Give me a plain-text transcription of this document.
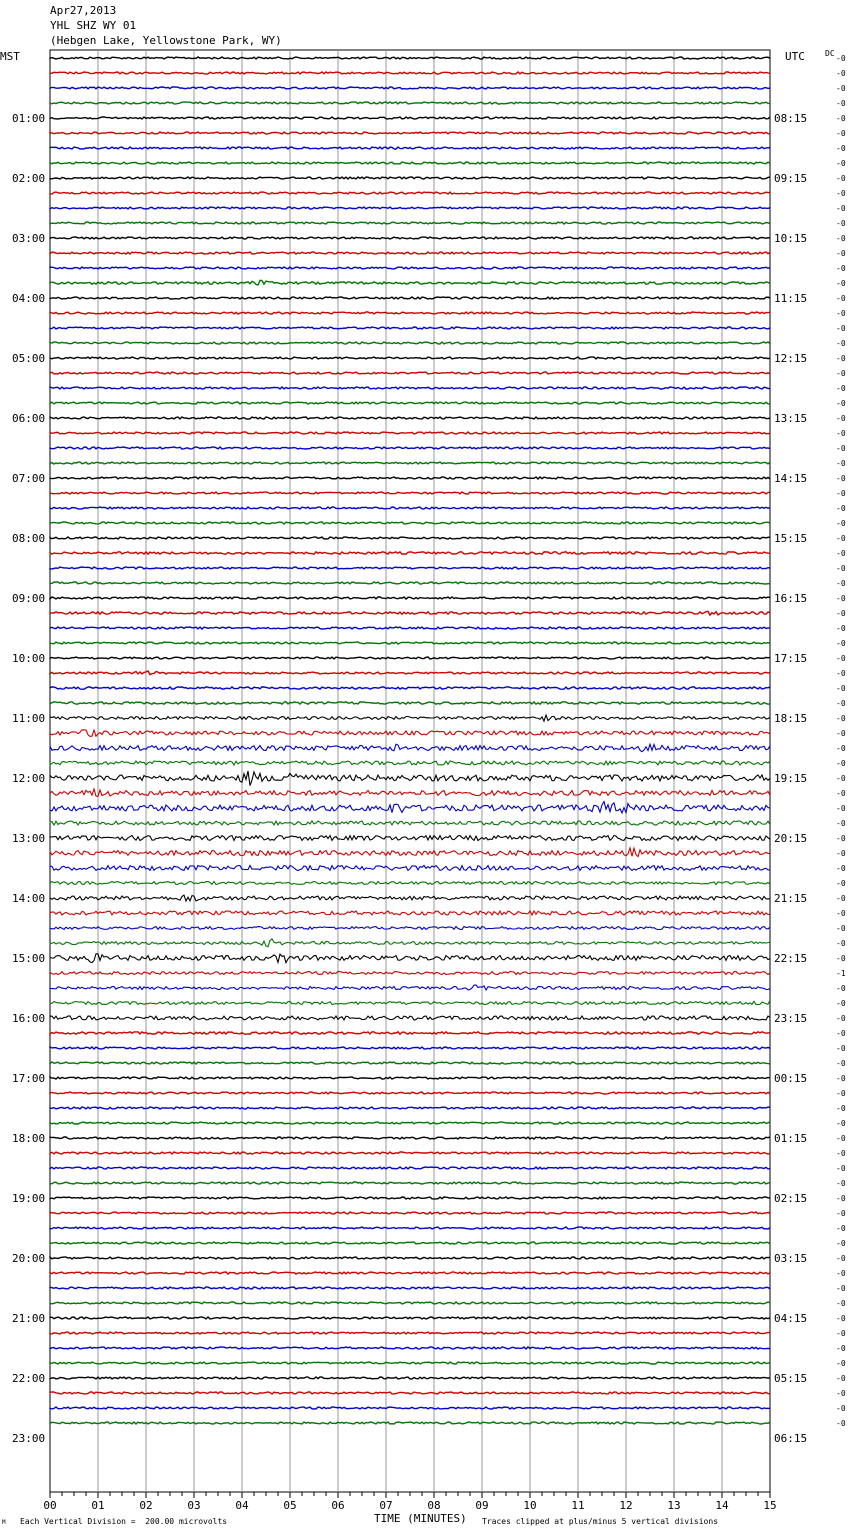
Apr27,2013
YHL SHZ WY 01
(Hebgen Lake, Yellowstone Park, WY)
MST	UTC	DC
-0
-0
-0
-0
-0
-0
-0
-0
-0
-0
-0
-0
-0
-0
-0
-0
-0
-0
-0
-0
-0
-0
-0
-0
-0
-0
-0
-0
-0
-0
-0
-0
-0
-0
-0
-0
-0
-0
-0
-0
-0
-0
-0
-0
-0
-0
-0
-0
-0
-0
-0
-0
-0
-0
-0
-0
-0
-0
-0
-0
-0
-1
-0
-0
-0
-0
-0
-0
-0
-0
-0
-0
-0
-0
-0
-0
-0
-0
-0
-0
-0
-0
-0
-0
-0
-0
-0
-0
-0
-0
-0
-0
01:00
02:00
03:00
04:00
05:00
06:00
07:00
08:00
09:00
10:00
11:00
12:00
13:00
14:00
15:00
16:00
17:00
18:00
19:00
20:00
21:00
22:00
23:00
08:15
09:15
10:15
11:15
12:15
13:15
14:15
15:15
16:15
17:15
18:15
19:15
20:15
21:15
22:15
23:15
00:15
01:15
02:15
03:15
04:15
05:15
06:15
00	01	02	03	04	05	06	07	08	09	10	11	12	13	14	15
TIME (MINUTES)
Each Vertical Division =  200.00 microvolts	Traces clipped at plus/minus 5 vertical divisions
M
